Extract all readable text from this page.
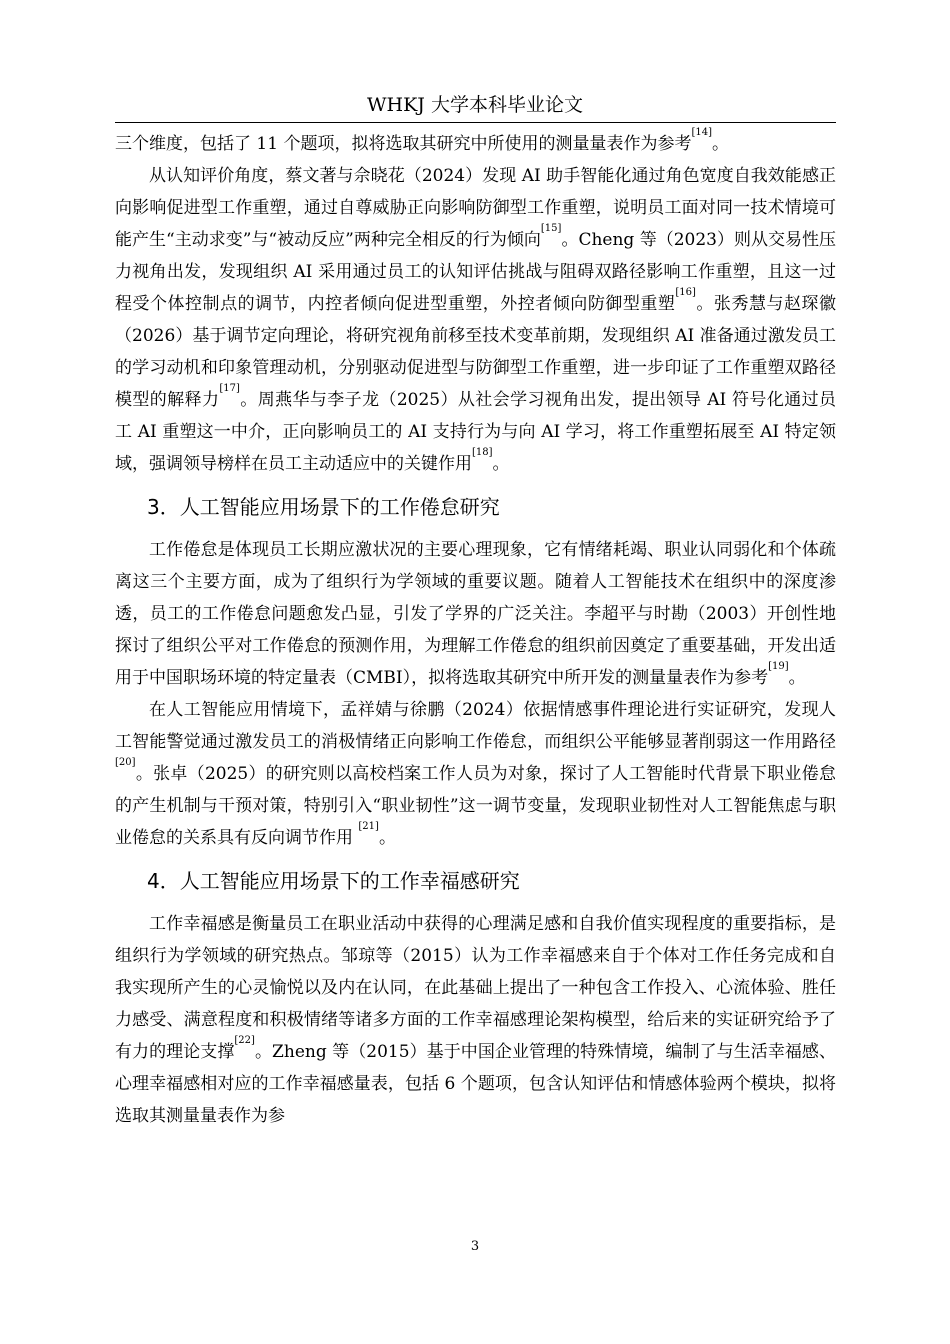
WHKJ 大学本科毕业论文

三个维度，包括了 11 个题项，拟将选取其研究中所使用的测量量表作为参考[14]。

从认知评价角度，蔡文著与佘晓花（2024）发现 AI 助手智能化通过角色宽度自我效能感正向影响促进型工作重塑，通过自尊威胁正向影响防御型工作重塑，说明员工面对同一技术情境可能产生“主动求变”与“被动反应”两种完全相反的行为倾向[15]。Cheng 等（2023）则从交易性压力视角出发，发现组织 AI 采用通过员工的认知评估挑战与阻碍双路径影响工作重塑，且这一过程受个体控制点的调节，内控者倾向促进型重塑，外控者倾向防御型重塑[16]。张秀慧与赵琛徽（2026）基于调节定向理论，将研究视角前移至技术变革前期，发现组织 AI 准备通过激发员工的学习动机和印象管理动机，分别驱动促进型与防御型工作重塑，进一步印证了工作重塑双路径模型的解释力[17]。周燕华与李子龙（2025）从社会学习视角出发，提出领导 AI 符号化通过员工 AI 重塑这一中介，正向影响员工的 AI 支持行为与向 AI 学习，将工作重塑拓展至 AI 特定领域，强调领导榜样在员工主动适应中的关键作用[18]。

3．人工智能应用场景下的工作倦怠研究

工作倦怠是体现员工长期应激状况的主要心理现象，它有情绪耗竭、职业认同弱化和个体疏离这三个主要方面，成为了组织行为学领域的重要议题。随着人工智能技术在组织中的深度渗透，员工的工作倦怠问题愈发凸显，引发了学界的广泛关注。李超平与时勘（2003）开创性地探讨了组织公平对工作倦怠的预测作用，为理解工作倦怠的组织前因奠定了重要基础，开发出适用于中国职场环境的特定量表（CMBI），拟将选取其研究中所开发的测量量表作为参考[19]。

在人工智能应用情境下，孟祥婧与徐鹏（2024）依据情感事件理论进行实证研究，发现人工智能警觉通过激发员工的消极情绪正向影响工作倦怠，而组织公平能够显著削弱这一作用路径[20]。张卓（2025）的研究则以高校档案工作人员为对象，探讨了人工智能时代背景下职业倦怠的产生机制与干预对策，特别引入“职业韧性”这一调节变量，发现职业韧性对人工智能焦虑与职业倦怠的关系具有反向调节作用 [21]。

4．人工智能应用场景下的工作幸福感研究

工作幸福感是衡量员工在职业活动中获得的心理满足感和自我价值实现程度的重要指标，是组织行为学领域的研究热点。邹琼等（2015）认为工作幸福感来自于个体对工作任务完成和自我实现所产生的心灵愉悦以及内在认同，在此基础上提出了一种包含工作投入、心流体验、胜任力感受、满意程度和积极情绪等诸多方面的工作幸福感理论架构模型，给后来的实证研究给予了有力的理论支撑[22]。Zheng 等（2015）基于中国企业管理的特殊情境，编制了与生活幸福感、心理幸福感相对应的工作幸福感量表，包括 6 个题项，包含认知评估和情感体验两个模块，拟将选取其测量量表作为参

3
